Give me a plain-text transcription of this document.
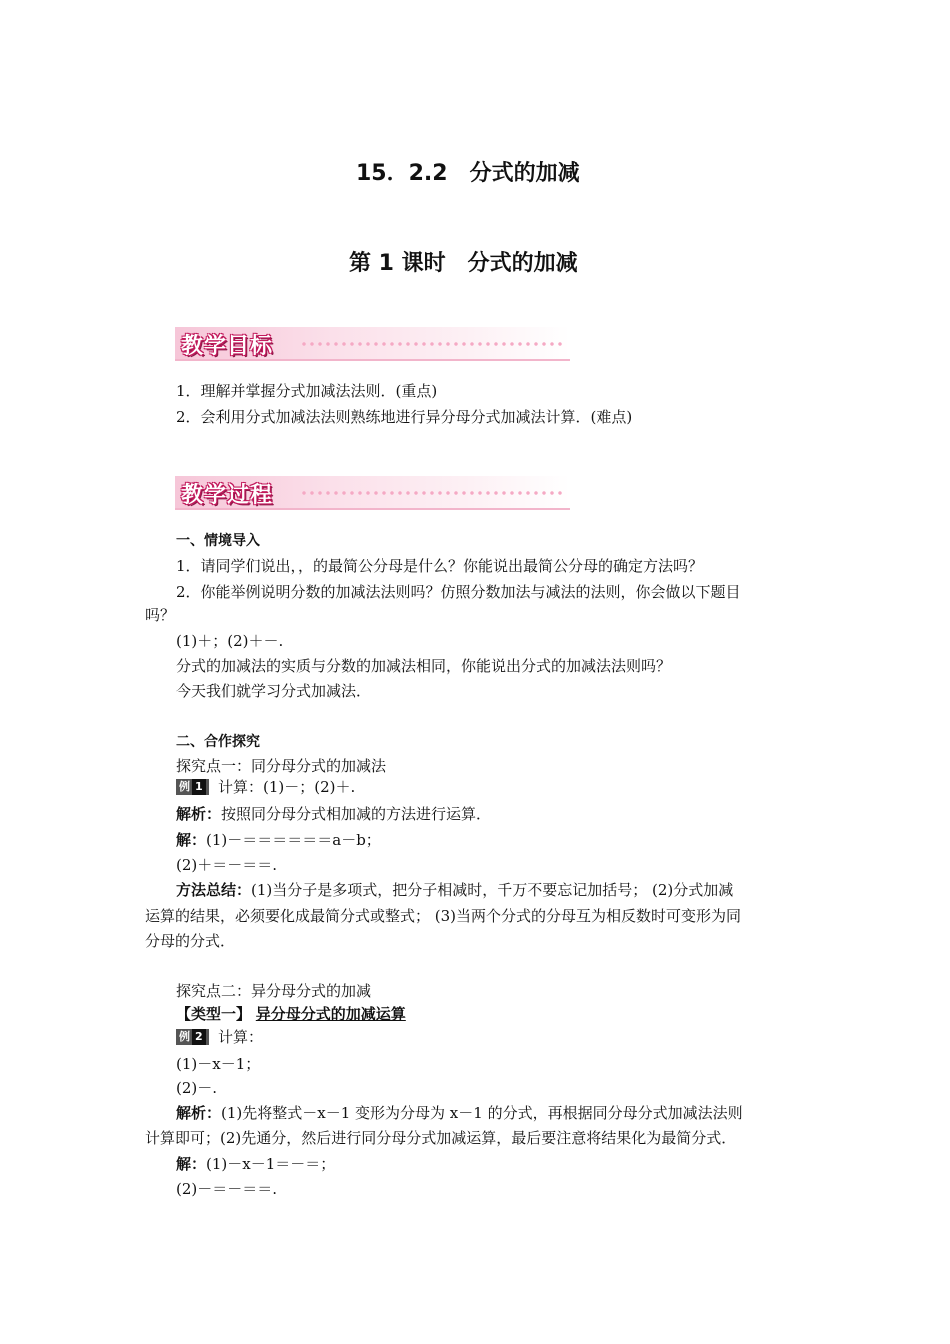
15．2.2　分式的加减
第 1 课时　分式的加减
教学目标
1．理解并掌握分式加减法法则．(重点)
2．会利用分式加减法法则熟练地进行异分母分式加减法计算．(难点)
教学过程
一、情境导入
1．请同学们说出，，的最简公分母是什么？你能说出最简公分母的确定方法吗？
2．你能举例说明分数的加减法法则吗？仿照分数加法与减法的法则，你会做以下题目
吗？
(1)＋；(2)＋－.
分式的加减法的实质与分数的加减法相同，你能说出分式的加减法法则吗？
今天我们就学习分式加减法．
二、合作探究
探究点一：同分母分式的加减法
例 1	计算：(1)－；(2)＋.
解析：按照同分母分式相加减的方法进行运算．
解：(1)－＝＝＝＝＝＝a－b；
(2)＋＝－＝＝.
方法总结：(1)当分子是多项式，把分子相减时，千万不要忘记加括号； (2)分式加减
运算的结果，必须要化成最简分式或整式； (3)当两个分式的分母互为相反数时可变形为同
分母的分式．
探究点二：异分母分式的加减
【类型一】 异分母分式的加减运算
例 2	计算：
(1)－x－1；
(2)－.
解析：(1)先将整式－x－1 变形为分母为 x－1 的分式，再根据同分母分式加减法法则
计算即可；(2)先通分，然后进行同分母分式加减运算，最后要注意将结果化为最简分式．
解：(1)－x－1＝－＝；
(2)－＝－＝＝.
